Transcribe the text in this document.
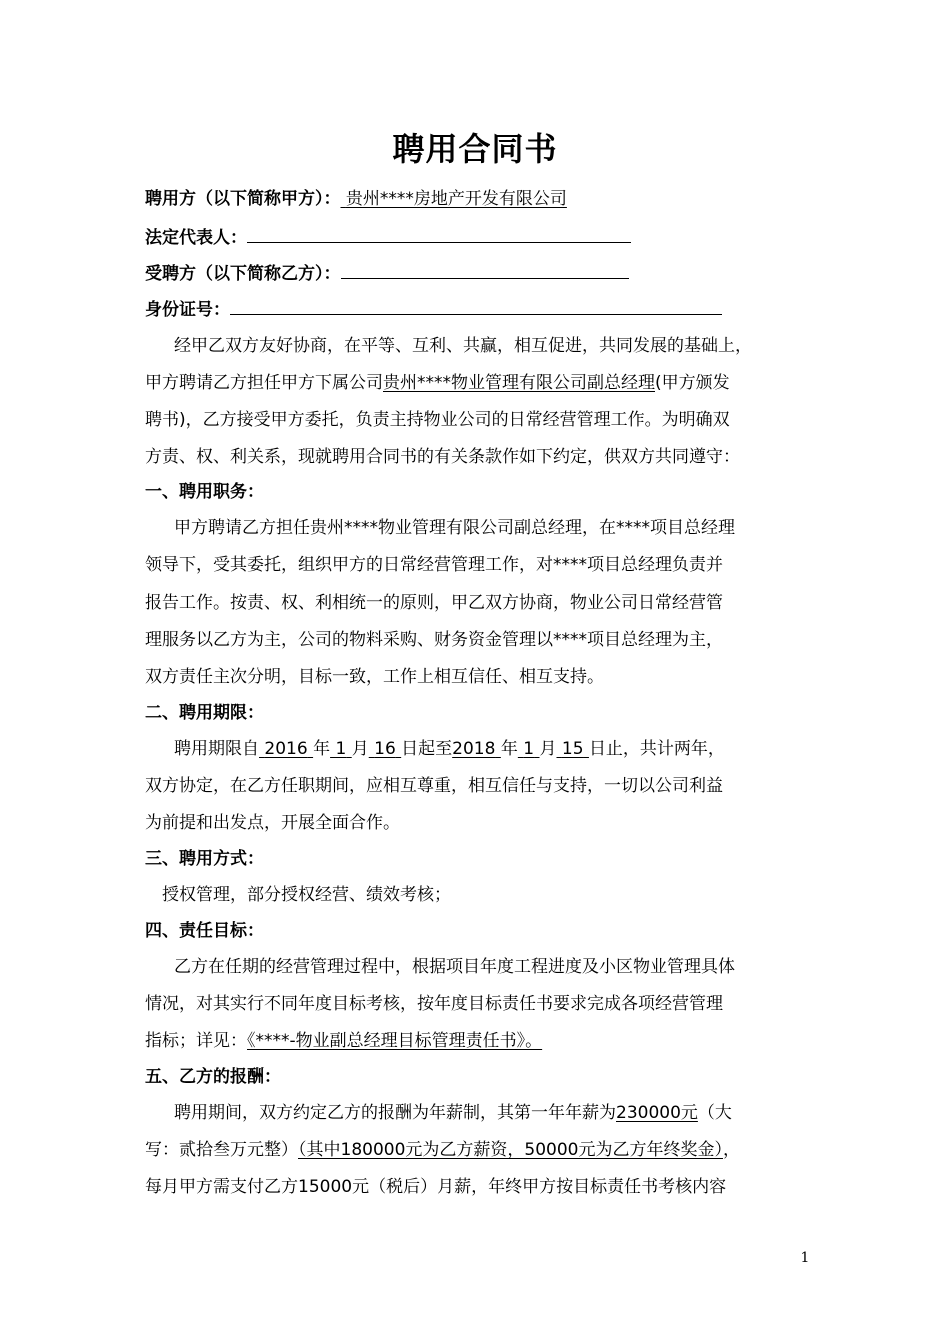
聘用合同书
聘用方（以下简称甲方）： 贵州****房地产开发有限公司
法定代表人：
受聘方（以下简称乙方）：
身份证号：
经甲乙双方友好协商，在平等、互利、共赢，相互促进，共同发展的基础上，
甲方聘请乙方担任甲方下属公司贵州****物业管理有限公司副总经理(甲方颁发
聘书)，乙方接受甲方委托，负责主持物业公司的日常经营管理工作。为明确双
方责、权、利关系，现就聘用合同书的有关条款作如下约定，供双方共同遵守：
一、聘用职务：
甲方聘请乙方担任贵州****物业管理有限公司副总经理，在****项目总经理
领导下，受其委托，组织甲方的日常经营管理工作，对****项目总经理负责并
报告工作。按责、权、利相统一的原则，甲乙双方协商，物业公司日常经营管
理服务以乙方为主，公司的物料采购、财务资金管理以****项目总经理为主，
双方责任主次分明，目标一致，工作上相互信任、相互支持。
二、聘用期限：
聘用期限自 2016 年 1 月 16 日起至2018 年 1 月 15 日止，共计两年，
双方协定，在乙方任职期间，应相互尊重，相互信任与支持，一切以公司利益
为前提和出发点，开展全面合作。
三、聘用方式：
授权管理，部分授权经营、绩效考核；
四、责任目标：
乙方在任期的经营管理过程中，根据项目年度工程进度及小区物业管理具体
情况，对其实行不同年度目标考核，按年度目标责任书要求完成各项经营管理
指标；详见：《****-物业副总经理目标管理责任书》。
五、乙方的报酬：
聘用期间，双方约定乙方的报酬为年薪制，其第一年年薪为230000元（大
写：贰拾叁万元整）（其中180000元为乙方薪资，50000元为乙方年终奖金），
每月甲方需支付乙方15000元（税后）月薪，年终甲方按目标责任书考核内容
1
